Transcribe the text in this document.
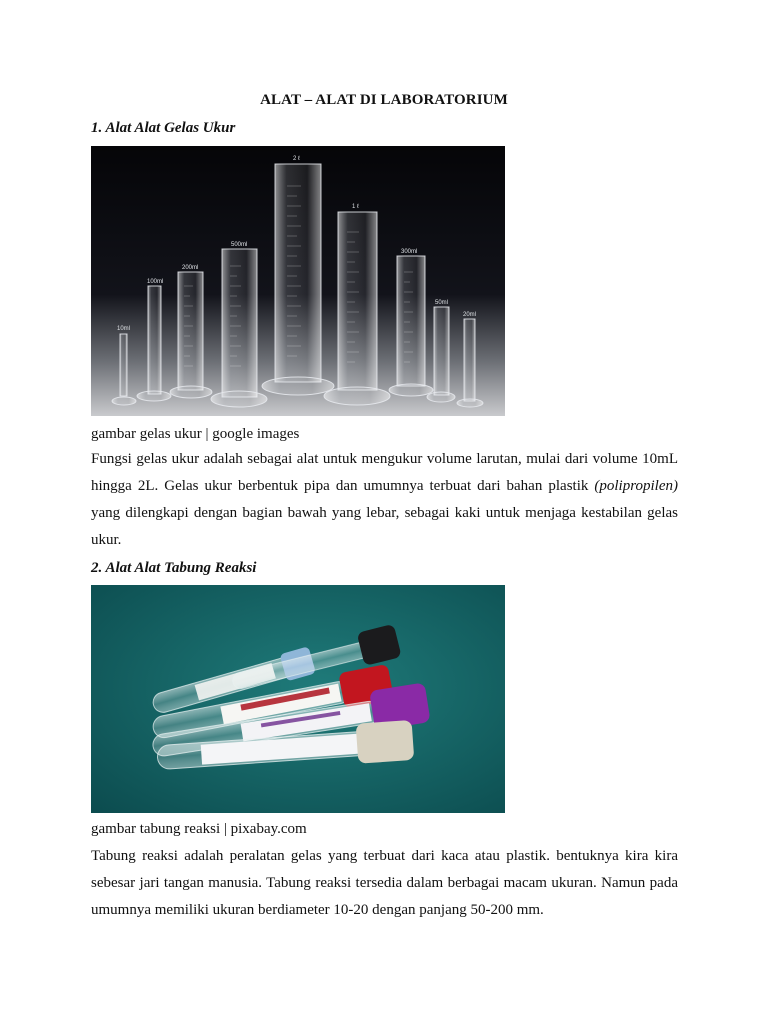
ALAT – ALAT DI LABORATORIUM
1. Alat Alat Gelas Ukur
10ml
100ml
200ml
500ml
2 ℓ
1 ℓ
300ml
50ml
20ml
gambar gelas ukur | google images

Fungsi gelas ukur adalah sebagai alat untuk mengukur volume larutan, mulai dari volume 10mL hingga 2L. Gelas ukur berbentuk pipa dan umumnya terbuat dari bahan plastik (polipropilen) yang dilengkapi dengan bagian bawah yang lebar, sebagai kaki untuk menjaga kestabilan gelas ukur.

2. Alat Alat Tabung Reaksi
gambar tabung reaksi | pixabay.com

Tabung reaksi adalah peralatan gelas yang terbuat dari kaca atau plastik. bentuknya kira kira sebesar jari tangan manusia. Tabung reaksi tersedia dalam berbagai macam ukuran. Namun pada umumnya memiliki ukuran berdiameter 10-20 dengan panjang 50-200 mm.
